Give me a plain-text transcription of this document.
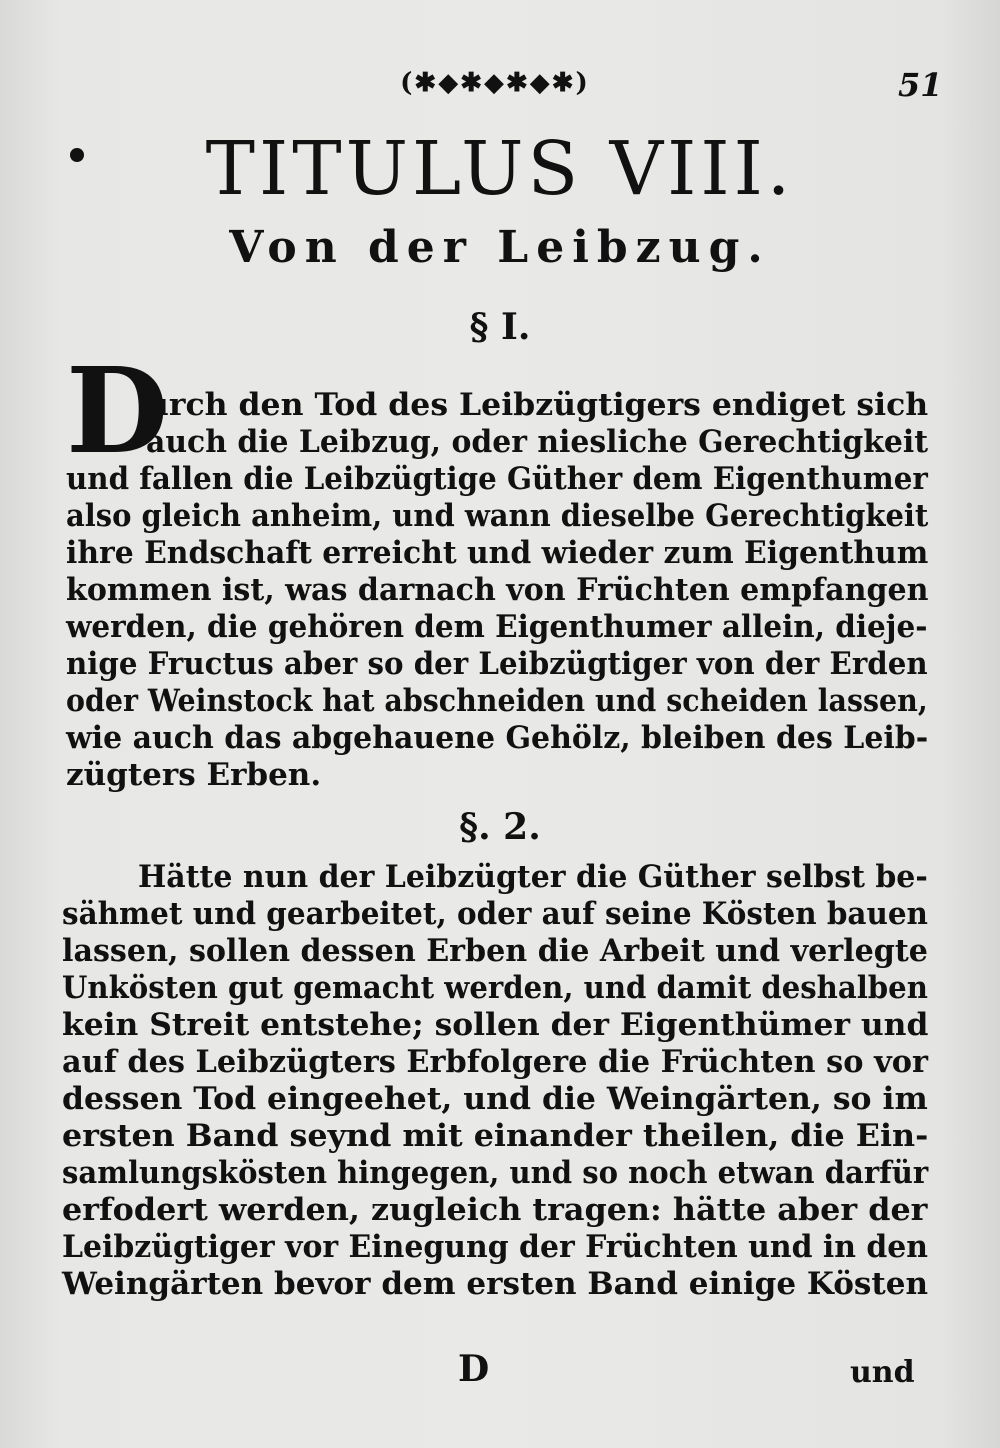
(✱◆✱◆✱◆✱)	51
TITULUS VIII.
Von der Leibzug.
§ I.
D
urch den Tod des Leibzügtigers endiget sich
auch die Leibzug, oder niesliche Gerechtigkeit
und fallen die Leibzügtige Güther dem Eigenthumer
also gleich anheim, und wann dieselbe Gerechtigkeit
ihre Endschaft erreicht und wieder zum Eigenthum
kommen ist, was darnach von Früchten empfangen
werden, die gehören dem Eigenthumer allein, dieje-
nige Fructus aber so der Leibzügtiger von der Erden
oder Weinstock hat abschneiden und scheiden lassen,
wie auch das abgehauene Gehölz, bleiben des Leib-
zügters Erben.
§. 2.
Hätte nun der Leibzügter die Güther selbst be-
sähmet und gearbeitet, oder auf seine Kösten bauen
lassen, sollen dessen Erben die Arbeit und verlegte
Unkösten gut gemacht werden, und damit deshalben
kein Streit entstehe; sollen der Eigenthümer und
auf des Leibzügters Erbfolgere die Früchten so vor
dessen Tod eingeehet, und die Weingärten, so im
ersten Band seynd mit einander theilen, die Ein-
samlungskösten hingegen, und so noch etwan darfür
erfodert werden, zugleich tragen: hätte aber der
Leibzügtiger vor Einegung der Früchten und in den
Weingärten bevor dem ersten Band einige Kösten
D	und
